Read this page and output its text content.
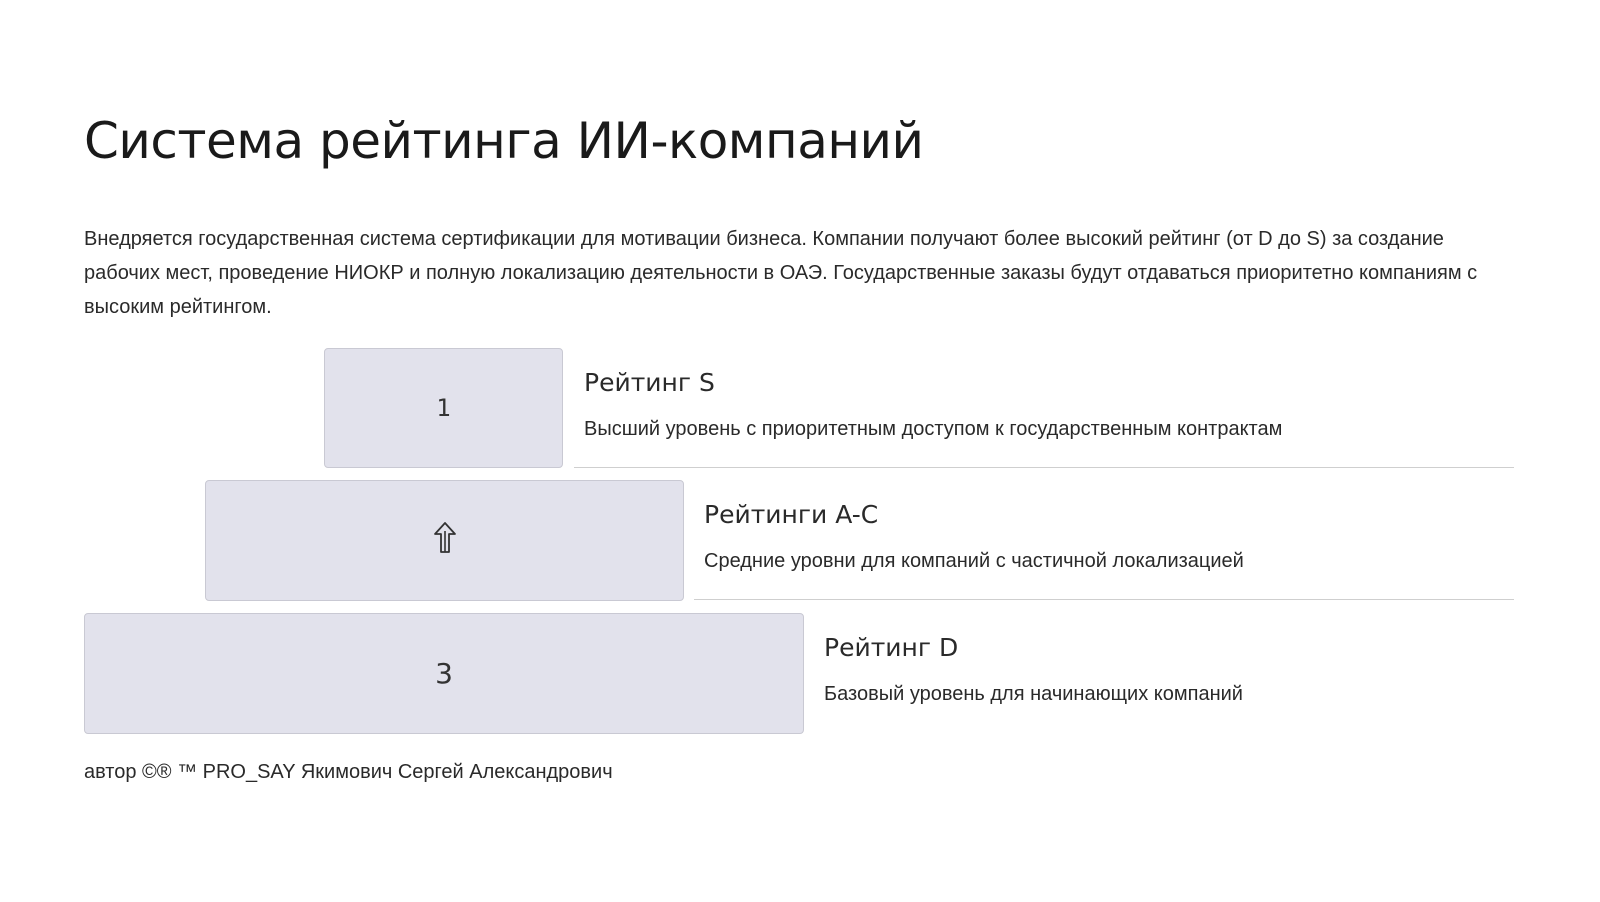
Система рейтинга ИИ-компаний

Внедряется государственная система сертификации для мотивации бизнеса. Компании получают более высокий рейтинг (от D до S) за создание рабочих мест, проведение НИОКР и полную локализацию деятельности в ОАЭ. Государственные заказы будут отдаваться приоритетно компаниям с высоким рейтингом.

1
Рейтинг S

Высший уровень с приоритетным доступом к государственным контрактам

Рейтинги A-C

Средние уровни для компаний с частичной локализацией

3
Рейтинг D

Базовый уровень для начинающих компаний

автор ©® ™ PRO_SAY Якимович Сергей Александрович
